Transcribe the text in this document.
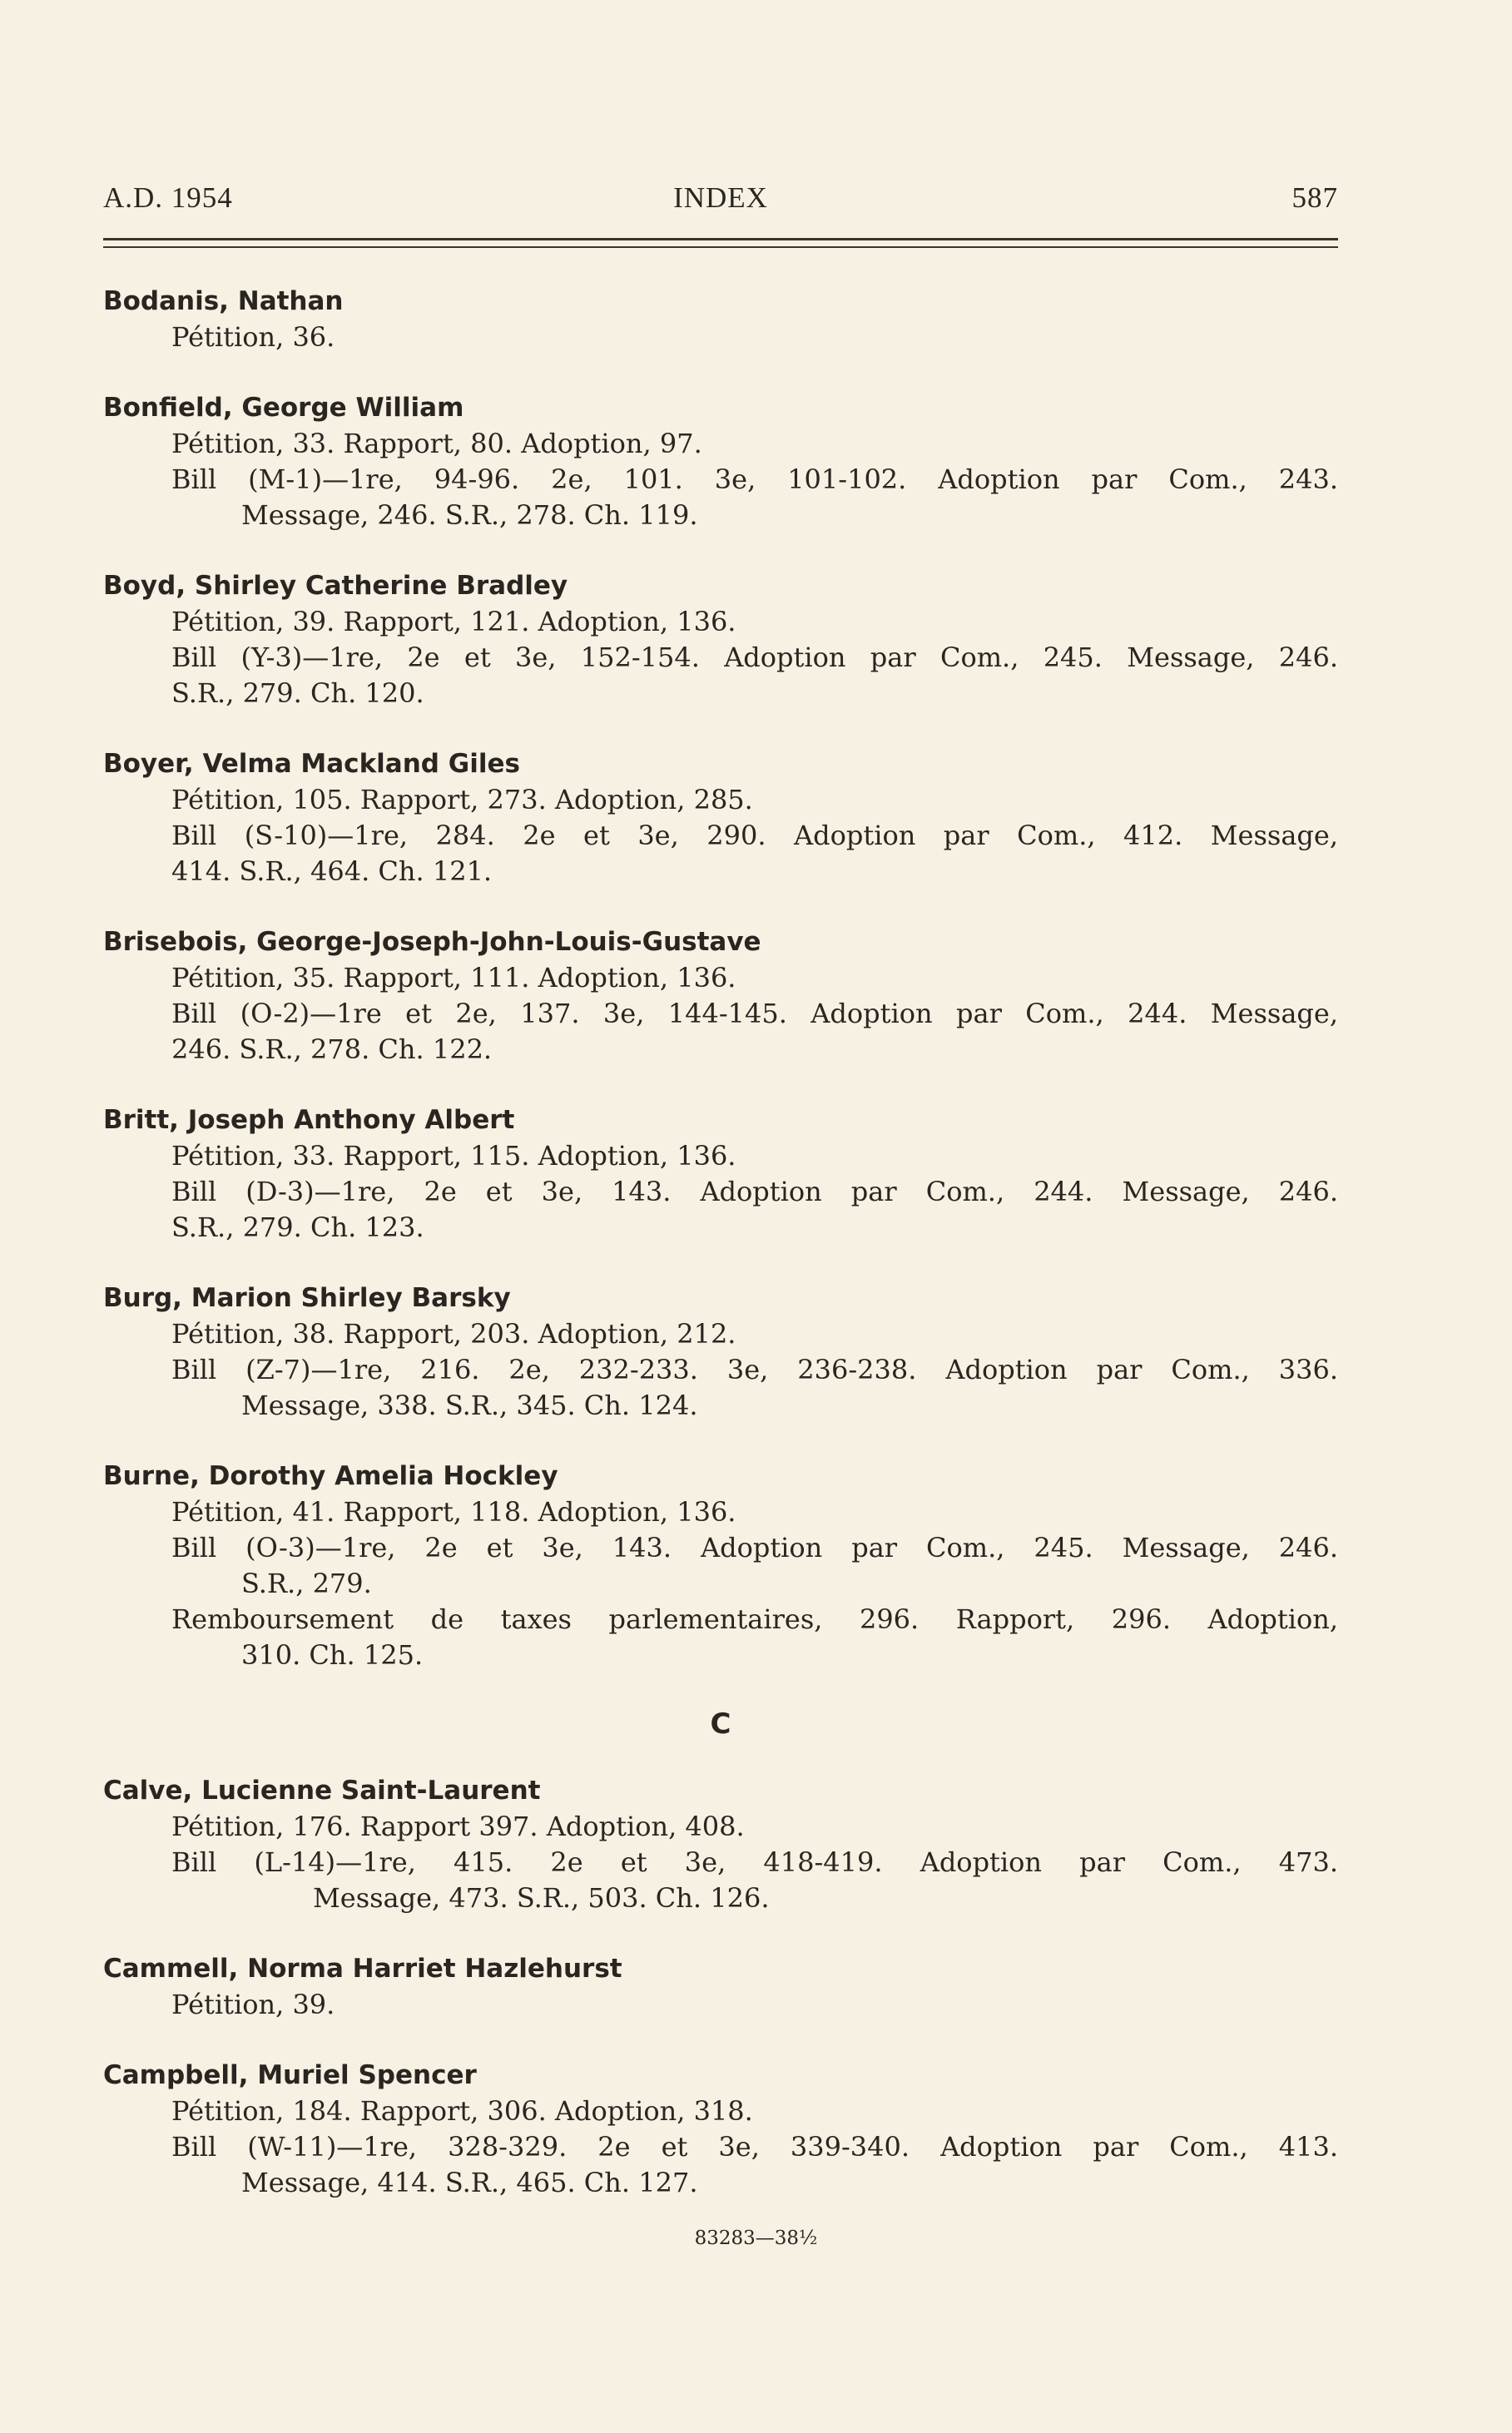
A.D. 1954	INDEX	587
Bodanis, Nathan
Pétition, 36.
Bonfield, George William
Pétition, 33. Rapport, 80. Adoption, 97.
Bill (M-1)—1re, 94-96. 2e, 101. 3e, 101-102. Adoption par Com., 243.
Message, 246. S.R., 278. Ch. 119.
Boyd, Shirley Catherine Bradley
Pétition, 39. Rapport, 121. Adoption, 136.
Bill (Y-3)—1re, 2e et 3e, 152-154. Adoption par Com., 245. Message, 246.
S.R., 279. Ch. 120.
Boyer, Velma Mackland Giles
Pétition, 105. Rapport, 273. Adoption, 285.
Bill (S-10)—1re, 284. 2e et 3e, 290. Adoption par Com., 412. Message,
414. S.R., 464. Ch. 121.
Brisebois, George-Joseph-John-Louis-Gustave
Pétition, 35. Rapport, 111. Adoption, 136.
Bill (O-2)—1re et 2e, 137. 3e, 144-145. Adoption par Com., 244. Message,
246. S.R., 278. Ch. 122.
Britt, Joseph Anthony Albert
Pétition, 33. Rapport, 115. Adoption, 136.
Bill (D-3)—1re, 2e et 3e, 143. Adoption par Com., 244. Message, 246.
S.R., 279. Ch. 123.
Burg, Marion Shirley Barsky
Pétition, 38. Rapport, 203. Adoption, 212.
Bill (Z-7)—1re, 216. 2e, 232-233. 3e, 236-238. Adoption par Com., 336.
Message, 338. S.R., 345. Ch. 124.
Burne, Dorothy Amelia Hockley
Pétition, 41. Rapport, 118. Adoption, 136.
Bill (O-3)—1re, 2e et 3e, 143. Adoption par Com., 245. Message, 246.
S.R., 279.
Remboursement de taxes parlementaires, 296. Rapport, 296. Adoption,
310. Ch. 125.
C
Calve, Lucienne Saint-Laurent
Pétition, 176. Rapport 397. Adoption, 408.
Bill (L-14)—1re, 415. 2e et 3e, 418-419. Adoption par Com., 473.
Message, 473. S.R., 503. Ch. 126.
Cammell, Norma Harriet Hazlehurst
Pétition, 39.
Campbell, Muriel Spencer
Pétition, 184. Rapport, 306. Adoption, 318.
Bill (W-11)—1re, 328-329. 2e et 3e, 339-340. Adoption par Com., 413.
Message, 414. S.R., 465. Ch. 127.
83283—38½
